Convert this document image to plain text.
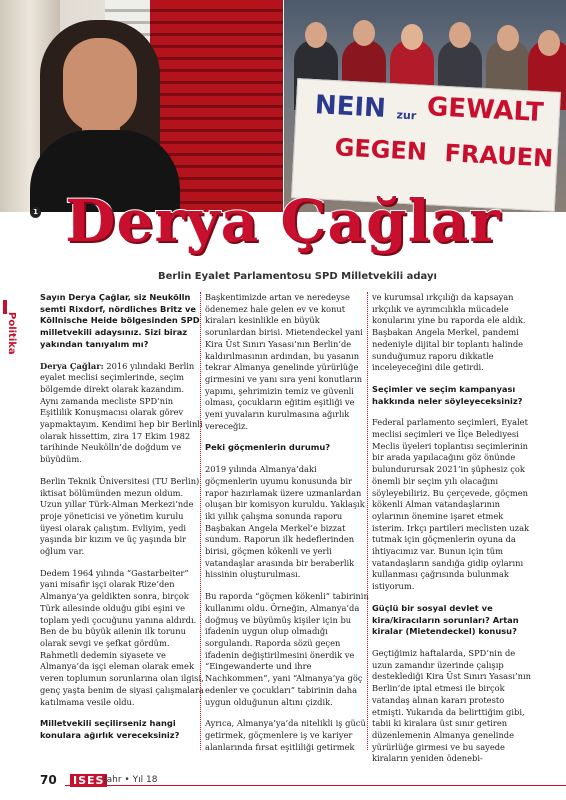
NEIN zur GEWALT
GEGEN FRAUEN
1 Derya Çağlar
Berlin Eyalet Parlamentosu SPD Milletvekili adayı
Politika

Sayın Derya Çağlar, siz Neukölln semti Rixdorf, nördliches Britz ve Köllnische Heide bölgesinden SPD milletvekili adaysınız. Sizi biraz yakından tanıyalım mı?

Derya Çağlar: 2016 yılındaki Berlin eyalet meclisi seçimlerinde, seçim bölgemde direkt olarak kazandım. Aynı zamanda mecliste SPD’nin Eşitlilik Konuşmacısı olarak görev yapmaktayım. Kendimi hep bir Berlinli olarak hissettim, zira 17 Ekim 1982 tarihinde Neukölln’de doğdum ve büyüdüm.

Berlin Teknik Üniversitesi (TU Berlin) iktisat bölümünden mezun oldum. Uzun yıllar Türk-Alman Merkezi’nde proje yöneticisi ve yönetim kurulu üyesi olarak çalıştım. Evliyim, yedi yaşında bir kızım ve üç yaşında bir oğlum var.

Dedem 1964 yılında “Gastarbeiter” yani misafir işçi olarak Rize’den Almanya’ya geldikten sonra, birçok Türk ailesinde olduğu gibi eşini ve toplam yedi çocuğunu yanına aldırdı. Ben de bu büyük ailenin ilk torunu olarak sevgi ve şefkat gördüm. Rahmetli dedemin siyasete ve Almanya’da işçi eleman olarak emek veren toplumun sorunlarına olan ilgisi, genç yaşta benim de siyasi çalışmalara katılmama vesile oldu.

Milletvekili seçilirseniz hangi konulara ağırlık vereceksiniz?

Başkentimizde artan ve neredeyse ödenemez hale gelen ev ve konut kiraları kesinlikle en büyük sorunlardan birisi. Mietendeckel yani Kira Üst Sınırı Yasası’nın Berlin’de kaldırılmasının ardından, bu yasanın tekrar Almanya genelinde yürürlüğe girmesini ve yanı sıra yeni konutların yapımı, şehrimizin temiz ve güvenli olması, çocukların eğitim eşitliği ve yeni yuvaların kurulmasına ağırlık vereceğiz.

Peki göçmenlerin durumu?

2019 yılında Almanya’daki göçmenlerin uyumu konusunda bir rapor hazırlamak üzere uzmanlardan oluşan bir komisyon kuruldu. Yaklaşık iki yıllık çalışma sonunda raporu Başbakan Angela Merkel’e bizzat sundum. Raporun ilk hedeflerinden birisi, göçmen kökenli ve yerli vatandaşlar arasında bir beraberlik hissinin oluşturulması.

Bu raporda “göçmen kökenli” tabirinin kullanımı oldu. Örneğin, Almanya’da doğmuş ve büyümüş kişiler için bu ifadenin uygun olup olmadığı sorgulandı. Raporda sözü geçen ifadenin değiştirilmesini önerdik ve “Eingewanderte und ihre Nachkommen”, yani “Almanya’ya göç edenler ve çocukları” tabirinin daha uygun olduğunun altını çizdik.

Ayrıca, Almanya’ya’da nitelikli iş gücü getirmek, göçmenlere iş ve kariyer alanlarında fırsat eşitliliği getirmek

ve kurumsal ırkçılığı da kapsayan ırkçılık ve ayrımcılıkla mücadele konularını yine bu raporda ele aldık. Başbakan Angela Merkel, pandemi nedeniyle dijital bir toplantı halinde sunduğumuz raporu dikkatle inceleyeceğini dile getirdi.

Seçimler ve seçim kampanyası hakkında neler söyleyeceksiniz?

Federal parlamento seçimleri, Eyalet meclisi seçimleri ve İlçe Belediyesi Meclis üyeleri toplantısı seçimlerinin bir arada yapılacağını göz önünde bulundurursak 2021’in şüphesiz çok önemli bir seçim yılı olacağını söyleyebiliriz. Bu çerçevede, göçmen kökenli Alman vatandaşlarının oylarının önemine işaret etmek isterim. Irkçı partileri meclisten uzak tutmak için göçmenlerin oyuna da ihtiyacımız var. Bunun için tüm vatandaşların sandığa gidip oylarını kullanması çağrısında bulunmak istiyorum.

Güçlü bir sosyal devlet ve kira/kiracıların sorunları? Artan kiralar (Mietendeckel) konusu?

Geçtiğimiz haftalarda, SPD’nin de uzun zamandır üzerinde çalışıp desteklediği Kira Üst Sınırı Yasası’nın Berlin’de iptal etmesi ile birçok vatandaş alınan kararı protesto etmişti. Yukarıda da belirttiğim gibi, tabii ki kiralara üst sınır getiren düzenlemenin Almanya genelinde yürürlüğe girmesi ve bu sayede kiraların yeniden ödenebi-

70 ISES Jahr • Yıl 18
